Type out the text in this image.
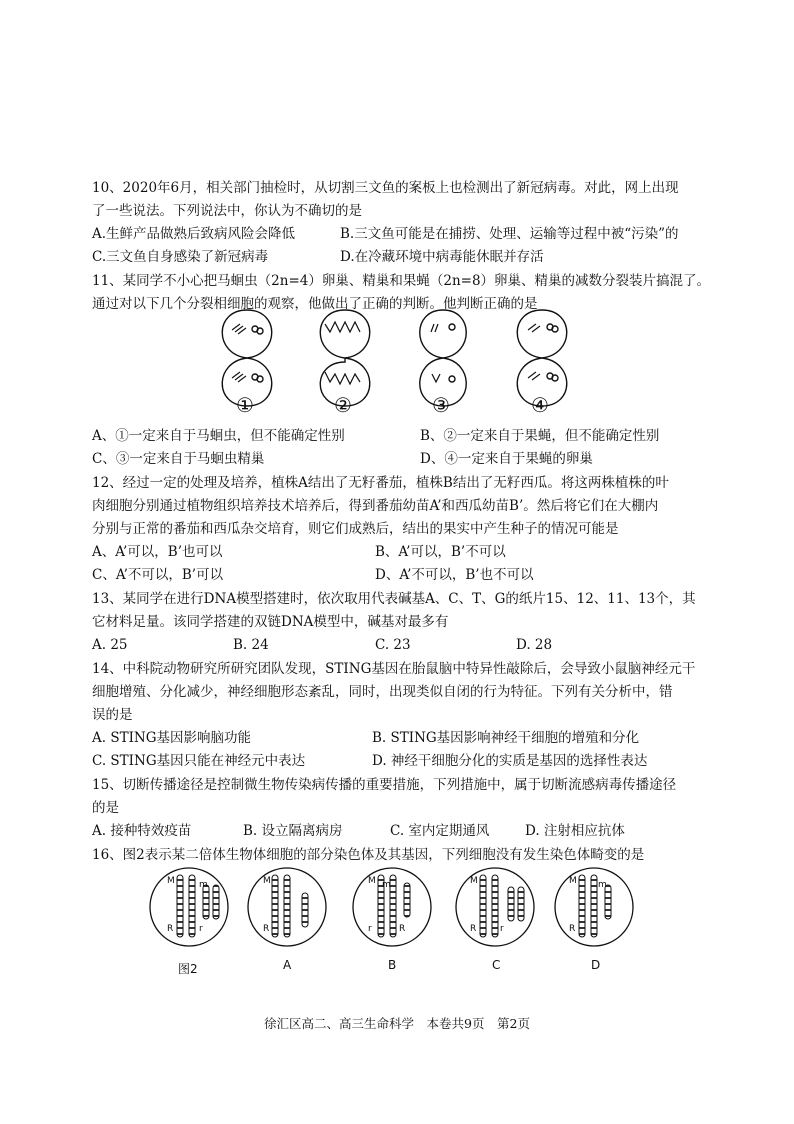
10、2020年6月，相关部门抽检时，从切割三文鱼的案板上也检测出了新冠病毒。对此，网上出现
了一些说法。下列说法中，你认为不确切的是
A.生鲜产品做熟后致病风险会降低	B.三文鱼可能是在捕捞、处理、运输等过程中被“污染”的
C.三文鱼自身感染了新冠病毒	D.在冷藏环境中病毒能休眠并存活
11、某同学不小心把马蛔虫（2n=4）卵巢、精巢和果蝇（2n=8）卵巢、精巢的减数分裂装片搞混了。
通过对以下几个分裂相细胞的观察，他做出了正确的判断。他判断正确的是
①	②	③	④
A、①一定来自于马蛔虫，但不能确定性别	B、②一定来自于果蝇，但不能确定性别
C、③一定来自于马蛔虫精巢	D、④一定来自于果蝇的卵巢
12、经过一定的处理及培养，植株A结出了无籽番茄，植株B结出了无籽西瓜。将这两株植株的叶
肉细胞分别通过植物组织培养技术培养后，得到番茄幼苗A’和西瓜幼苗B’。然后将它们在大棚内
分别与正常的番茄和西瓜杂交培育，则它们成熟后，结出的果实中产生种子的情况可能是
A、A’可以，B’也可以	B、A’可以，B’不可以
C、A’不可以，B’可以	D、A’不可以，B’也不可以
13、某同学在进行DNA模型搭建时，依次取用代表碱基A、C、T、G的纸片15、12、11、13个，其
它材料足量。该同学搭建的双链DNA模型中，碱基对最多有
A. 25	B. 24	C. 23	D. 28
14、中科院动物研究所研究团队发现，STING基因在胎鼠脑中特异性敲除后，会导致小鼠脑神经元干
细胞增殖、分化减少，神经细胞形态紊乱，同时，出现类似自闭的行为特征。下列有关分析中，错
误的是
A. STING基因影响脑功能	B. STING基因影响神经干细胞的增殖和分化
C. STING基因只能在神经元中表达	D. 神经干细胞分化的实质是基因的选择性表达
15、切断传播途径是控制微生物传染病传播的重要措施，下列措施中，属于切断流感病毒传播途径
的是
A. 接种特效疫苗	B. 设立隔离病房	C. 室内定期通风	D. 注射相应抗体
16、图2表示某二倍体生物体细胞的部分染色体及其基因，下列细胞没有发生染色体畸变的是
M	m
R	r
M
R
M m
r	R
M
R	r
M m
R
图2	A	B	C	D
徐汇区高二、高三生命科学　本卷共9页　第2页
